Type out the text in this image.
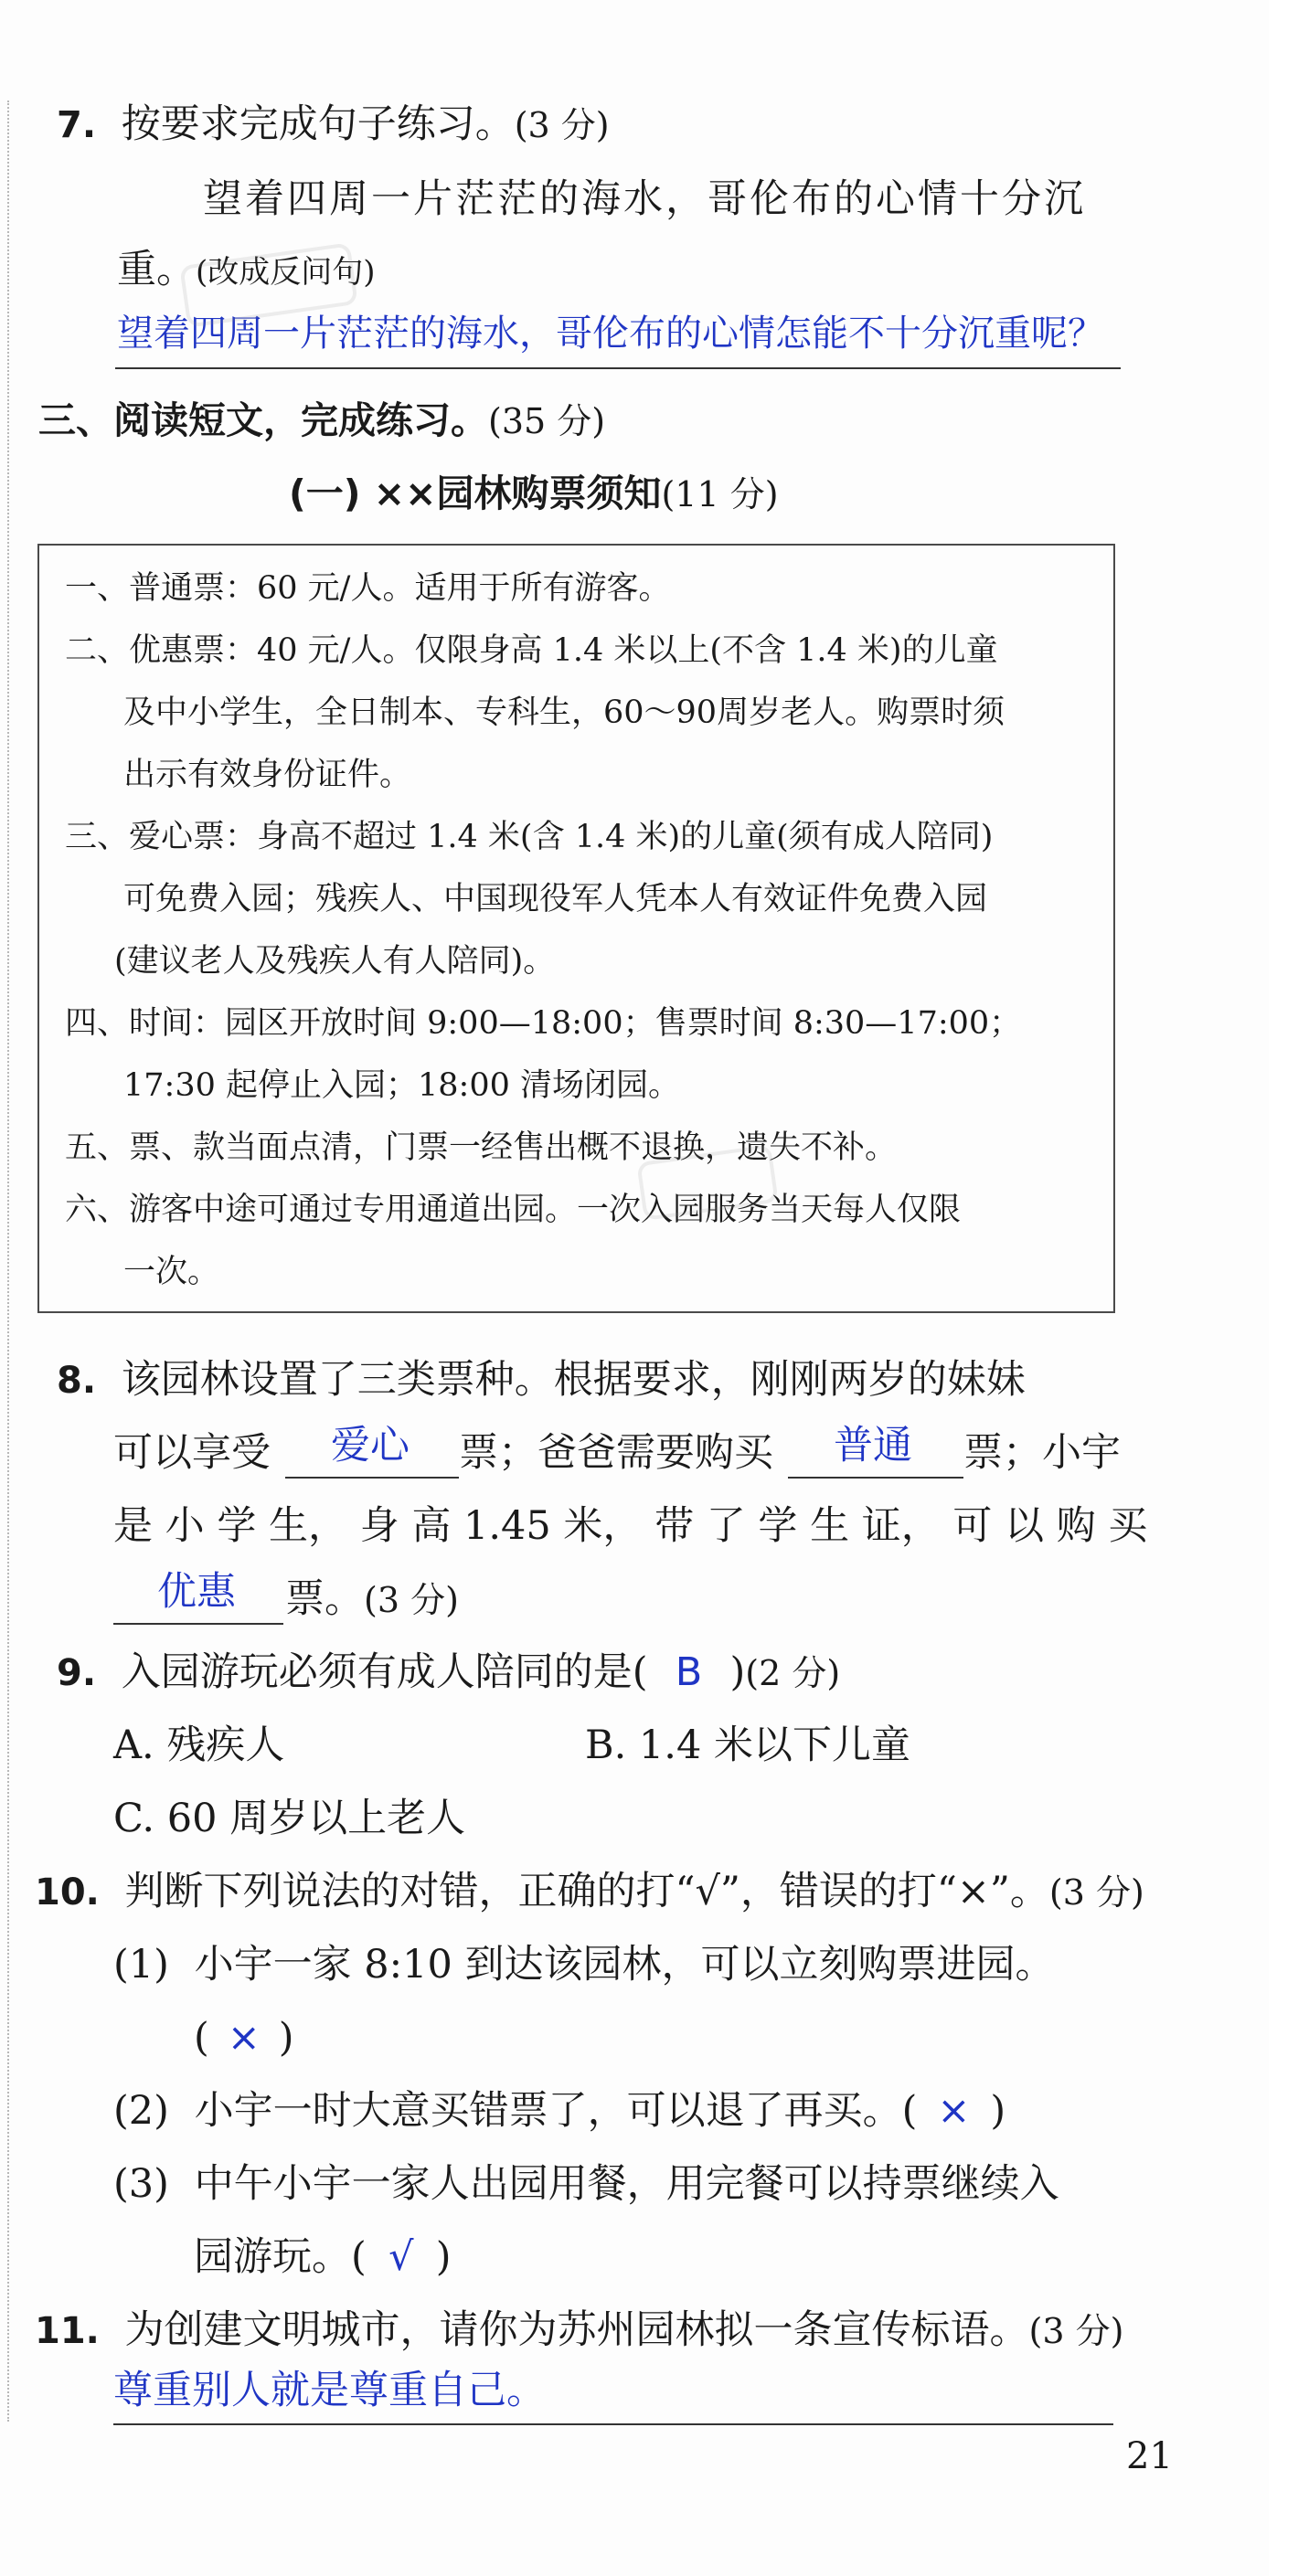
7. 按要求完成句子练习。(3 分)
望着四周一片茫茫的海水，哥伦布的心情十分沉
重。(改成反问句)
望着四周一片茫茫的海水，哥伦布的心情怎能不十分沉重呢？
三、阅读短文，完成练习。(35 分)
(一) ××园林购票须知(11 分)
一、普通票：60 元/人。适用于所有游客。
二、优惠票：40 元/人。仅限身高 1.4 米以上(不含 1.4 米)的儿童
及中小学生，全日制本、专科生，60～90周岁老人。购票时须
出示有效身份证件。
三、爱心票：身高不超过 1.4 米(含 1.4 米)的儿童(须有成人陪同)
可免费入园；残疾人、中国现役军人凭本人有效证件免费入园
(建议老人及残疾人有人陪同)。
四、时间：园区开放时间 9:00—18:00；售票时间 8:30—17:00；
17:30 起停止入园；18:00 清场闭园。
五、票、款当面点清，门票一经售出概不退换，遗失不补。
六、游客中途可通过专用通道出园。一次入园服务当天每人仅限
一次。
8. 该园林设置了三类票种。根据要求，刚刚两岁的妹妹
可以享受 爱心 票；爸爸需要购买 普通 票；小宇
是 小 学 生， 身 高 1.45 米， 带 了 学 生 证， 可 以 购 买
优惠 票。(3 分)
9. 入园游玩必须有成人陪同的是( B )(2 分)
A. 残疾人	B. 1.4 米以下儿童
C. 60 周岁以上老人
10. 判断下列说法的对错，正确的打“√”，错误的打“×”。(3 分)
(1) 小宇一家 8:10 到达该园林，可以立刻购票进园。
( × )
(2) 小宇一时大意买错票了，可以退了再买。( × )
(3) 中午小宇一家人出园用餐，用完餐可以持票继续入
园游玩。( √ )
11. 为创建文明城市，请你为苏州园林拟一条宣传标语。(3 分)
尊重别人就是尊重自己。
21
